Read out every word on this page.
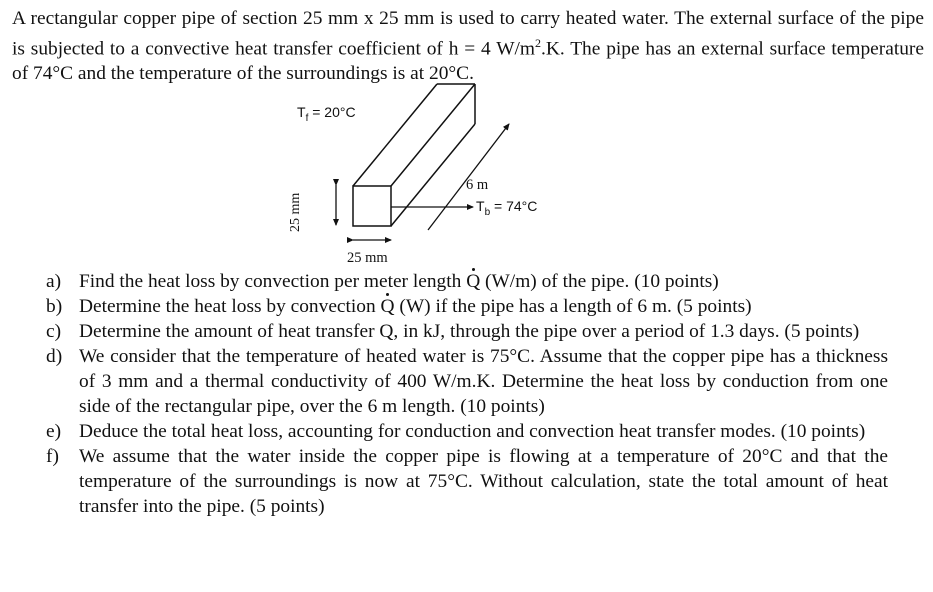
A rectangular copper pipe of section 25 mm x 25 mm is used to carry heated water. The external surface of the pipe is subjected to a convective heat transfer coefficient of h = 4 $W/m^2.K$. The pipe has an external surface temperature of 74°C and the temperature of the surroundings is at 20°C.

$T_f = 20^\circ C$
6 m
$T_b = 74^\circ C$
25 mm
25 mm
a) Find the heat loss by convection per meter length Q (W/m) of the pipe. (10 points)
b) Determine the heat loss by convection Q (W) if the pipe has a length of 6 m. (5 points)
c) Determine the amount of heat transfer Q, in kJ, through the pipe over a period of 1.3 days. (5 points)
d) We consider that the temperature of heated water is 75°C. Assume that the copper pipe has a thickness of 3 mm and a thermal conductivity of 400 W/m.K. Determine the heat loss by conduction from one side of the rectangular pipe, over the 6 m length. (10 points)
e) Deduce the total heat loss, accounting for conduction and convection heat transfer modes. (10 points)
f) We assume that the water inside the copper pipe is flowing at a temperature of 20°C and that the temperature of the surroundings is now at 75°C. Without calculation, state the total amount of heat transfer into the pipe. (5 points)
